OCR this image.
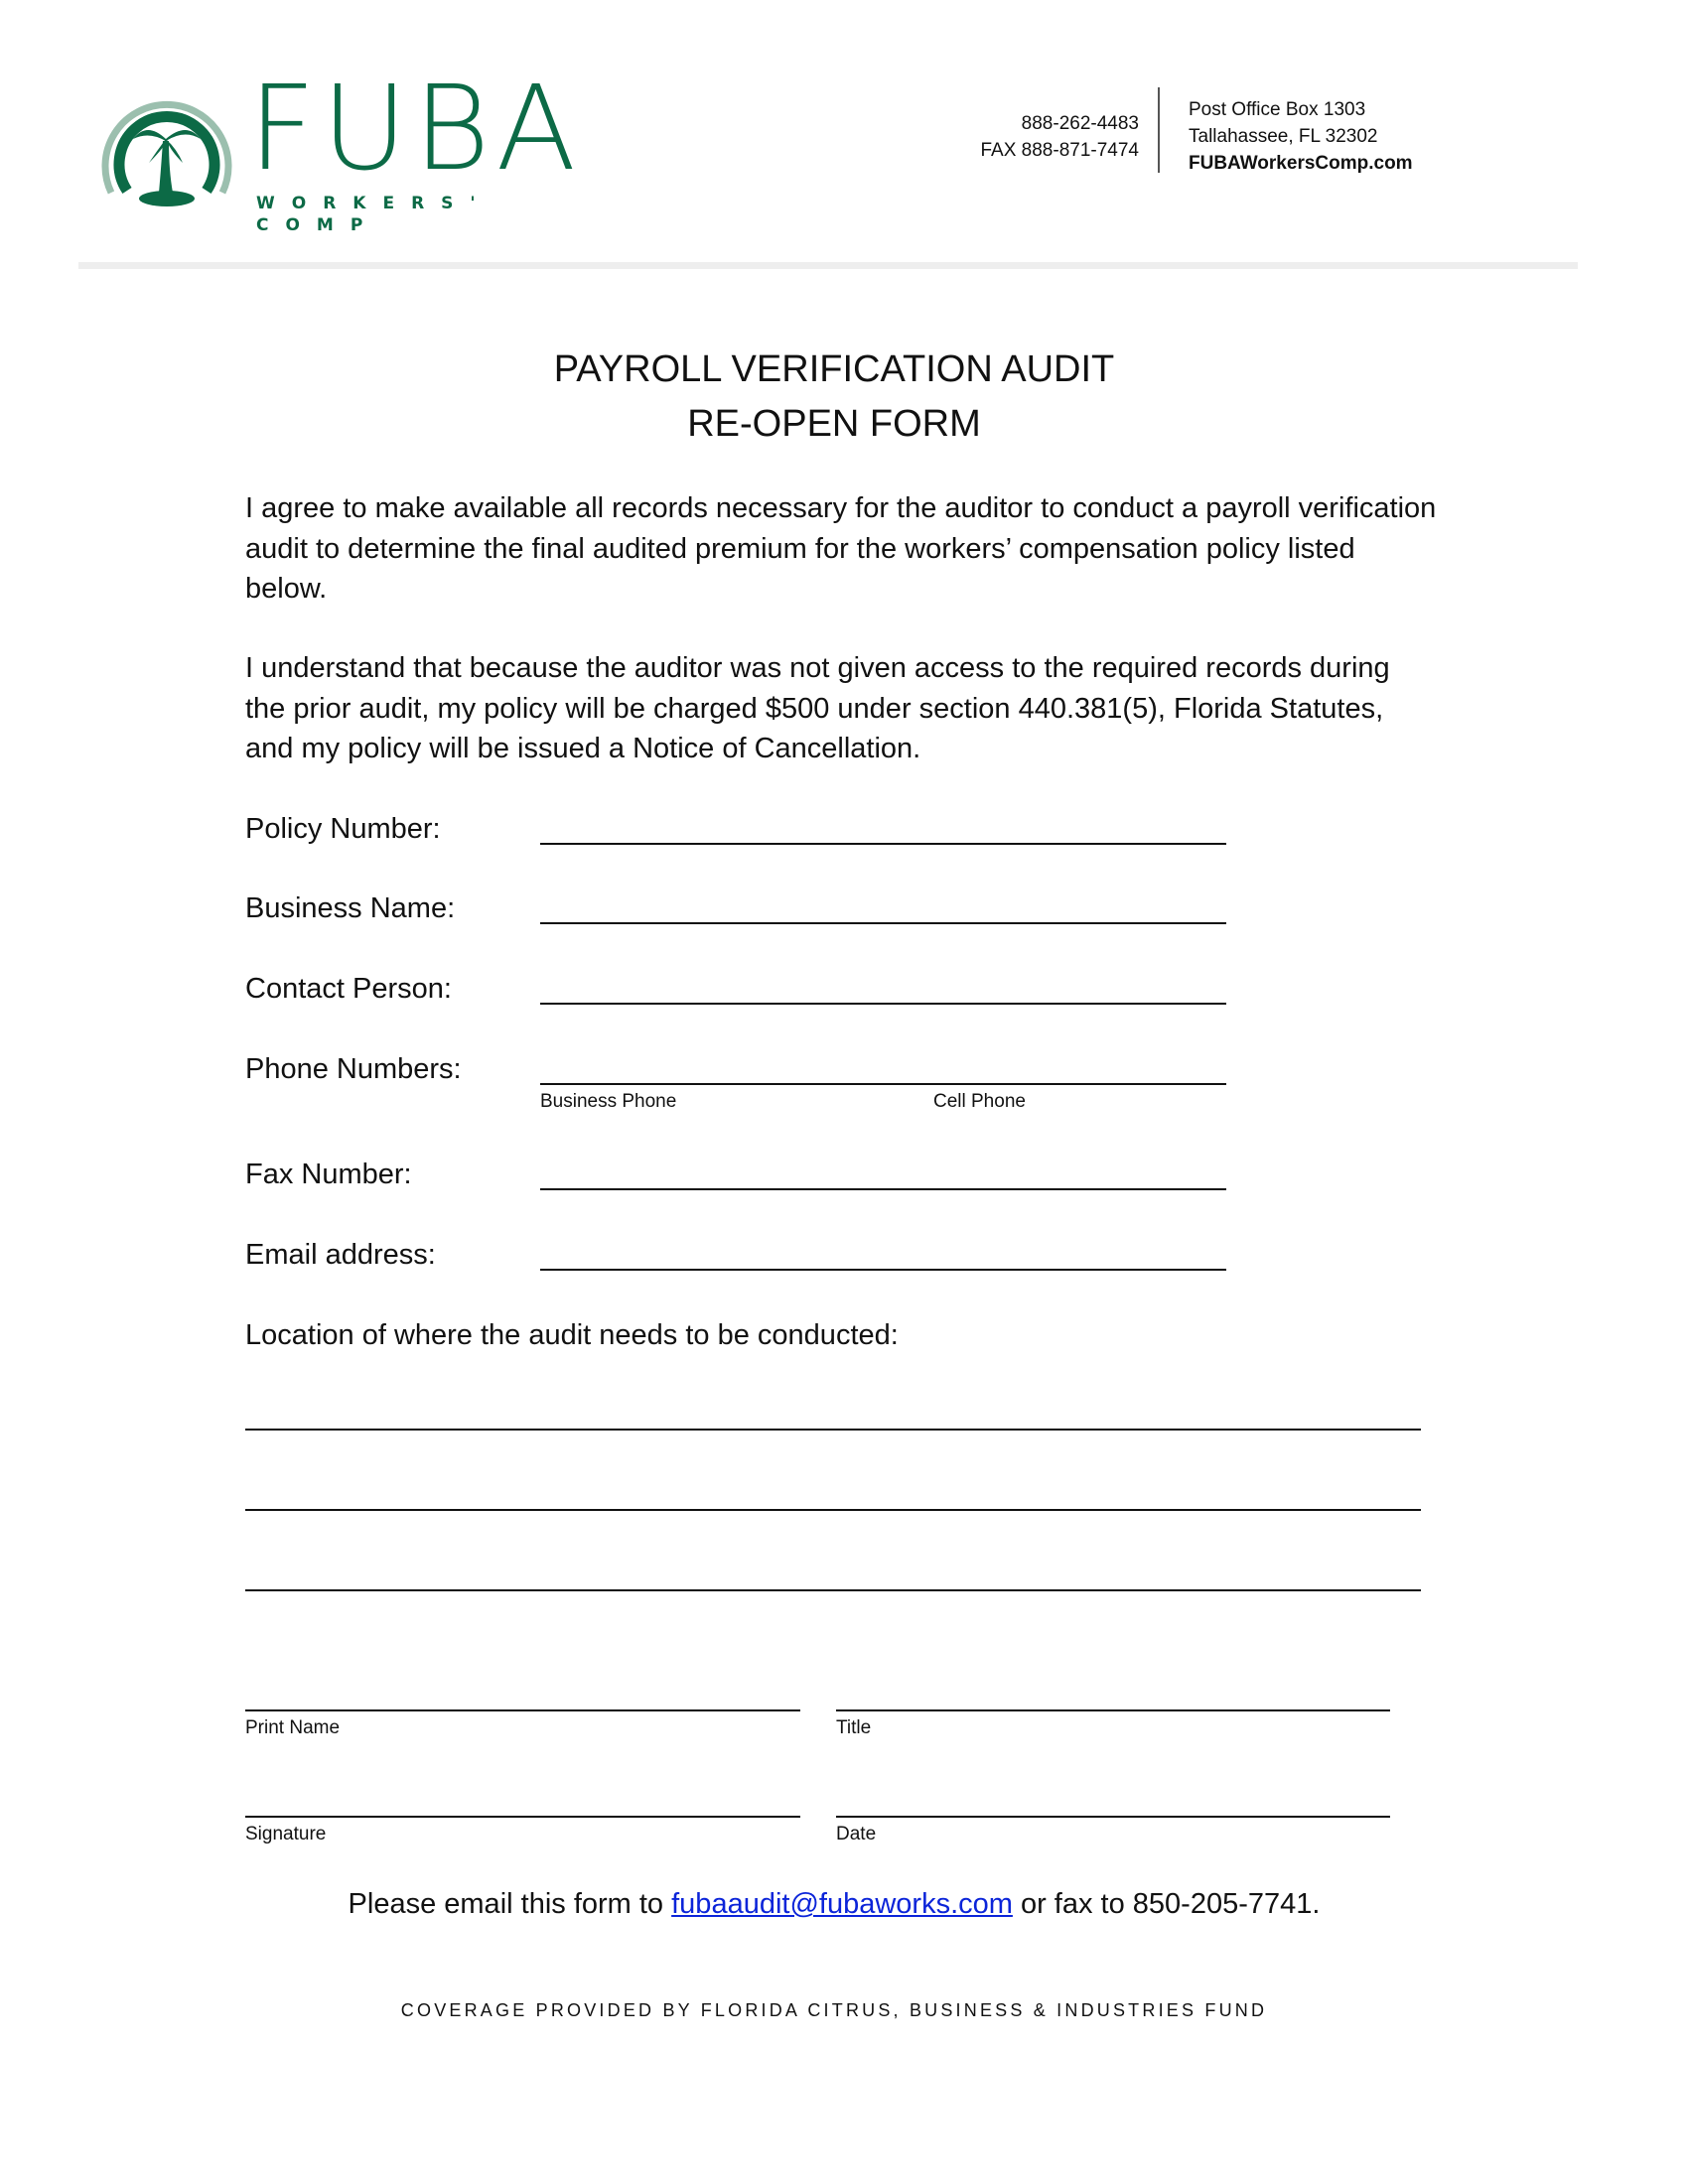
FUBA
WORKERS' COMP
888-262-4483
FAX 888-871-7474
Post Office Box 1303
Tallahassee, FL 32302
FUBAWorkersComp.com
PAYROLL VERIFICATION AUDIT
RE-OPEN FORM
I agree to make available all records necessary for the auditor to conduct a payroll verification audit to determine the final audited premium for the workers’ compensation policy listed below.
I understand that because the auditor was not given access to the required records during the prior audit, my policy will be charged $500 under section 440.381(5), Florida Statutes, and my policy will be issued a Notice of Cancellation.
Policy Number:
Business Name:
Contact Person:
Phone Numbers:
Business Phone	Cell Phone
Fax Number:
Email address:
Location of where the audit needs to be conducted:
Print Name	Title
Signature	Date
Please email this form to fubaaudit@fubaworks.com or fax to 850-205-7741.
COVERAGE PROVIDED BY FLORIDA CITRUS, BUSINESS & INDUSTRIES FUND
